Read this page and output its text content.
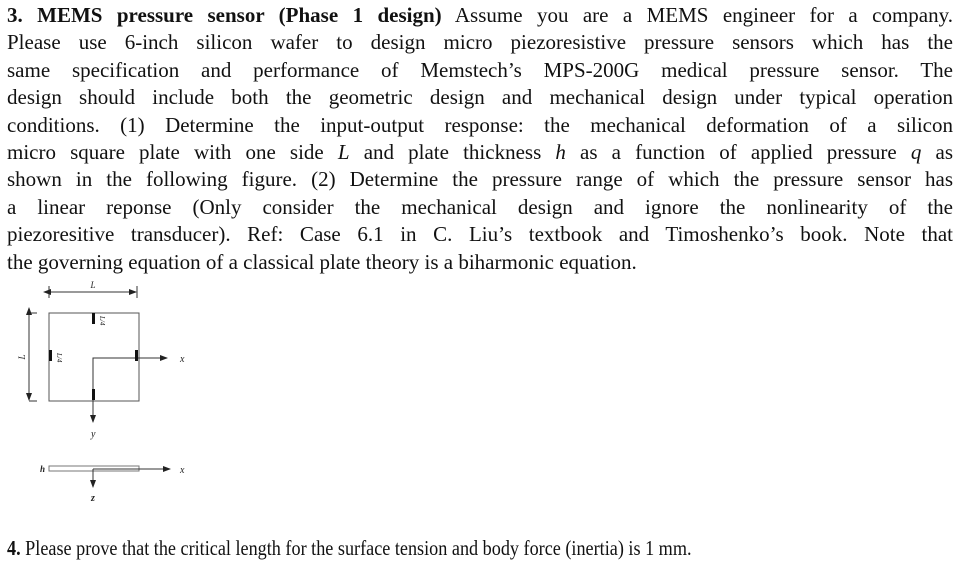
3. MEMS pressure sensor (Phase 1 design) Assume you are a MEMS engineer for a company.
Please use 6-inch silicon wafer to design micro piezoresistive pressure sensors which has the
same specification and performance of Memstech’s MPS-200G medical pressure sensor. The
design should include both the geometric design and mechanical design under typical operation
conditions. (1) Determine the input-output response: the mechanical deformation of a silicon
micro square plate with one side L and plate thickness h as a function of applied pressure q as
shown in the following figure. (2) Determine the pressure range of which the pressure sensor has
a linear reponse (Only consider the mechanical design and ignore the nonlinearity of the
piezoresitive transducer). Ref: Case 6.1 in C. Liu’s textbook and Timoshenko’s book. Note that
the governing equation of a classical plate theory is a biharmonic equation.
L
L
L/4
L/4	x
y
x
h
z
4. Please prove that the critical length for the surface tension and body force (inertia) is 1 mm.
